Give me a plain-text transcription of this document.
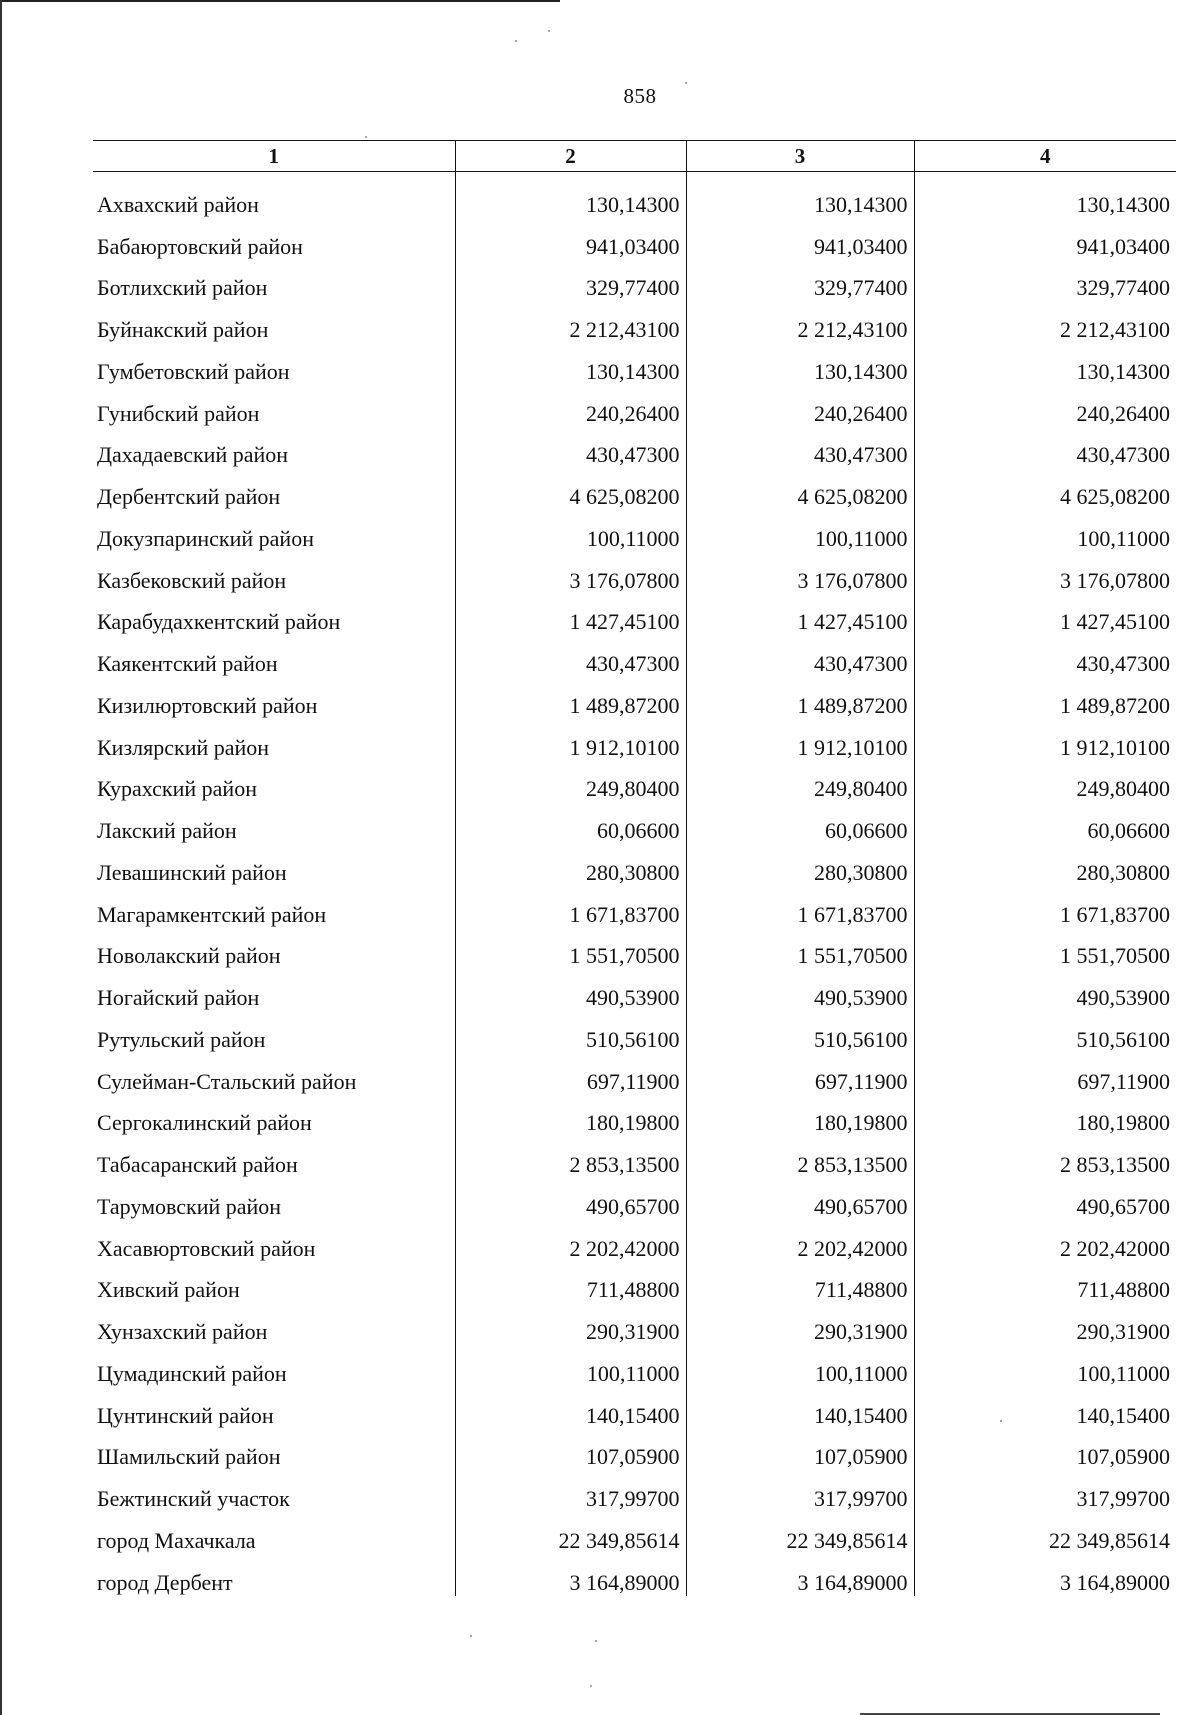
858
1	2	3	4
Ахвахский район	130,14300	130,14300	130,14300
Бабаюртовский район	941,03400	941,03400	941,03400
Ботлихский район	329,77400	329,77400	329,77400
Буйнакский район	2 212,43100	2 212,43100	2 212,43100
Гумбетовский район	130,14300	130,14300	130,14300
Гунибский район	240,26400	240,26400	240,26400
Дахадаевский район	430,47300	430,47300	430,47300
Дербентский район	4 625,08200	4 625,08200	4 625,08200
Докузпаринский район	100,11000	100,11000	100,11000
Казбековский район	3 176,07800	3 176,07800	3 176,07800
Карабудахкентский район	1 427,45100	1 427,45100	1 427,45100
Каякентский район	430,47300	430,47300	430,47300
Кизилюртовский район	1 489,87200	1 489,87200	1 489,87200
Кизлярский район	1 912,10100	1 912,10100	1 912,10100
Курахский район	249,80400	249,80400	249,80400
Лакский район	60,06600	60,06600	60,06600
Левашинский район	280,30800	280,30800	280,30800
Магарамкентский район	1 671,83700	1 671,83700	1 671,83700
Новолакский район	1 551,70500	1 551,70500	1 551,70500
Ногайский район	490,53900	490,53900	490,53900
Рутульский район	510,56100	510,56100	510,56100
Сулейман-Стальский район	697,11900	697,11900	697,11900
Сергокалинский район	180,19800	180,19800	180,19800
Табасаранский район	2 853,13500	2 853,13500	2 853,13500
Тарумовский район	490,65700	490,65700	490,65700
Хасавюртовский район	2 202,42000	2 202,42000	2 202,42000
Хивский район	711,48800	711,48800	711,48800
Хунзахский район	290,31900	290,31900	290,31900
Цумадинский район	100,11000	100,11000	100,11000
Цунтинский район	140,15400	140,15400	140,15400
Шамильский район	107,05900	107,05900	107,05900
Бежтинский участок	317,99700	317,99700	317,99700
город Махачкала	22 349,85614	22 349,85614	22 349,85614
город Дербент	3 164,89000	3 164,89000	3 164,89000
